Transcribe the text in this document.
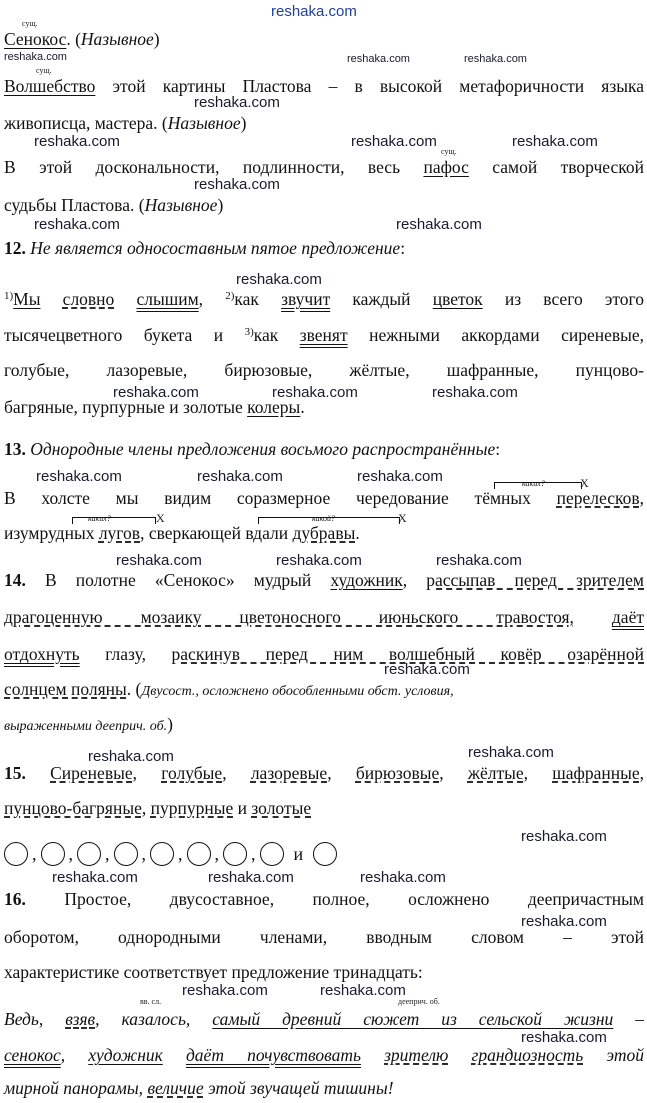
reshaka.com
сущ.
Сенокос. (Назывное)
reshaka.com	reshaka.com	reshaka.com
сущ.
Волшебство этой картины Пластова – в высокой метафоричности языка
reshaka.com
живописца, мастера. (Назывное)
reshaka.com	reshaka.com	reshaka.com
сущ.
В этой доскональности, подлинности, весь пафос самой творческой
reshaka.com
судьбы Пластова. (Назывное)
reshaka.com	reshaka.com
12. Не является односоставным пятое предложение:
reshaka.com
$^{1)}$Мы словно слышим, $^{2)}$как звучит каждый цветок из всего этого
тысячецветного букета и $^{3)}$как звенят нежными аккордами сиреневые,
голубые, лазоревые, бирюзовые, жёлтые, шафранные, пунцово-
reshaka.com	reshaka.com	reshaka.com
багряные, пурпурные и золотые колеры.
13. Однородные члены предложения восьмого распространённые:
reshaka.com	reshaka.com	reshaka.com	каких?	X
В холсте мы видим соразмерное чередование тёмных перелесков,
каких?	X	какой?	X
изумрудных лугов, сверкающей вдали дубравы.
reshaka.com	reshaka.com	reshaka.com
14. В полотне «Сенокос» мудрый художник, рассыпав перед зрителем
драгоценную мозаику цветоносного июньского травостоя, даёт
отдохнуть глазу, раскинув перед ним волшебный ковёр озарённой
reshaka.com
солнцем поляны. (Двусост., осложнено обособленными обст. условия,
выраженными дееприч. об.)
reshaka.com	reshaka.com
15. Сиреневые, голубые, лазоревые, бирюзовые, жёлтые, шафранные,
пунцово-багряные, пурпурные и золотые
reshaka.com
, , , , , , , и
reshaka.com	reshaka.com	reshaka.com
16. Простое, двусоставное, полное, осложнено деепричастным
reshaka.com
оборотом, однородными членами, вводным словом – этой
характеристике соответствует предложение тринадцать:
reshaka.com	reshaka.com
вв. сл.	дееприч. об.
Ведь, взяв, казалось, самый древний сюжет из сельской жизни –
reshaka.com
сенокос, художник даёт почувствовать зрителю грандиозность этой
мирной панорамы, величие этой звучащей тишины!
